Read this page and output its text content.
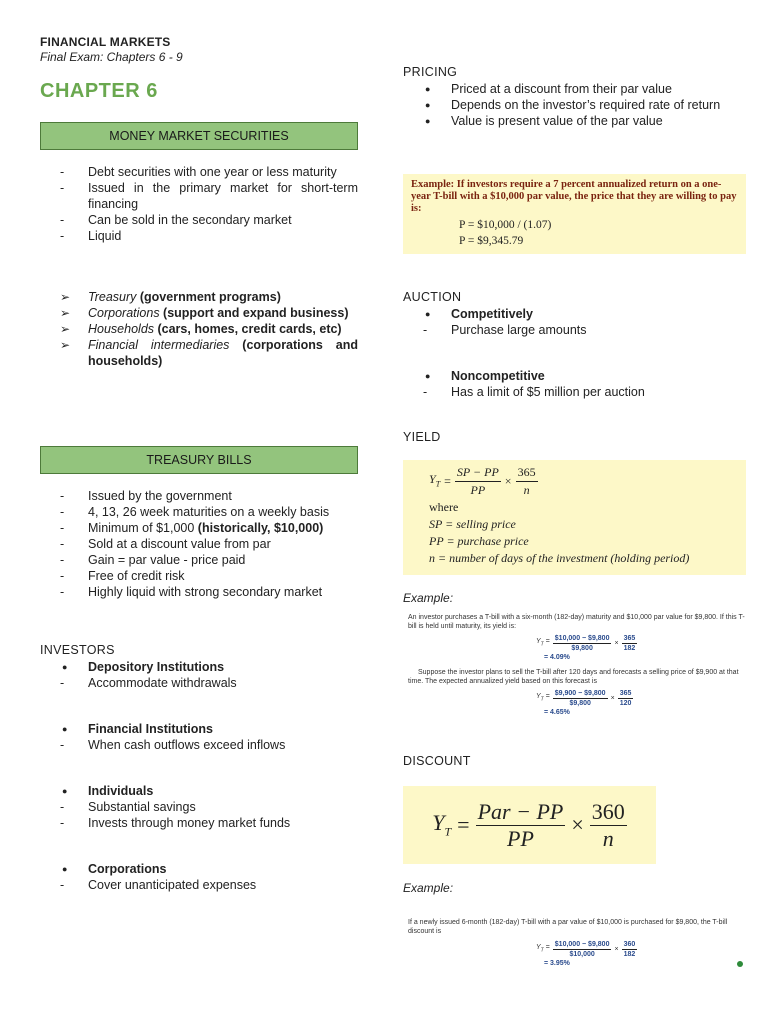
FINANCIAL MARKETS
Final Exam: Chapters 6 - 9
CHAPTER 6
MONEY MARKET SECURITIES
- Debt securities with one year or less maturity
- Issued in the primary market for short-term financing
- Can be sold in the secondary market
- Liquid
➢ Treasury (government programs)
➢ Corporations (support and expand business)
➢ Households (cars, homes, credit cards, etc)
➢ Financial intermediaries (corporations and households)
TREASURY BILLS
- Issued by the government
- 4, 13, 26 week maturities on a weekly basis
- Minimum of $1,000 (historically, $10,000)
- Sold at a discount value from par
- Gain = par value - price paid
- Free of credit risk
- Highly liquid with strong secondary market
INVESTORS
● Depository Institutions
- Accommodate withdrawals
● Financial Institutions
- When cash outflows exceed inflows
● Individuals
- Substantial savings
- Invests through money market funds
● Corporations
- Cover unanticipated expenses
PRICING
● Priced at a discount from their par value
● Depends on the investor’s required rate of return
● Value is present value of the par value
Example: If investors require a 7 percent annualized return on a one-year T-bill with a $10,000 par value, the price that they are willing to pay is:
P = $10,000 / (1.07)
P = $9,345.79
AUCTION
● Competitively
- Purchase large amounts
● Noncompetitive
- Has a limit of $5 million per auction
YIELD
$Y_T = \frac{SP - PP}{PP} \times \frac{365}{n}$
where
SP = selling price
PP = purchase price
n = number of days of the investment (holding period)
Example:
An investor purchases a T-bill with a six-month (182-day) maturity and $10,000 par value for $9,800. If this T-bill is held until maturity, its yield is:
$Y_T = \frac{\$10,000 - \$9,800}{\$9,800} \times \frac{365}{182}$
= 4.09%
Suppose the investor plans to sell the T-bill after 120 days and forecasts a selling price of $9,900 at that time. The expected annualized yield based on this forecast is
$Y_T = \frac{\$9,900 - \$9,800}{\$9,800} \times \frac{365}{120}$
= 4.65%
DISCOUNT
$Y_T = \frac{\text{Par − PP}}{PP} \times \frac{360}{n}$
Example:
If a newly issued 6-month (182-day) T-bill with a par value of $10,000 is purchased for $9,800, the T-bill discount is
$Y_T = \frac{\$10,000 - \$9,800}{\$10,000} \times \frac{360}{182}$
= 3.95%
